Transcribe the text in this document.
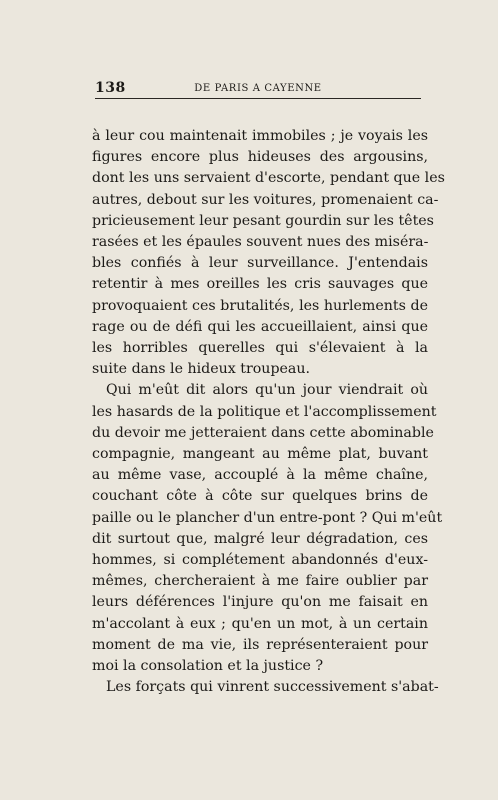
138	DE PARIS A CAYENNE
à leur cou maintenait immobiles ; je voyais les
figures encore plus hideuses des argousins,
dont les uns servaient d'escorte, pendant que les
autres, debout sur les voitures, promenaient ca-
pricieusement leur pesant gourdin sur les têtes
rasées et les épaules souvent nues des miséra-
bles confiés à leur surveillance. J'entendais
retentir à mes oreilles les cris sauvages que
provoquaient ces brutalités, les hurlements de
rage ou de défi qui les accueillaient, ainsi que
les horribles querelles qui s'élevaient à la
suite dans le hideux troupeau.
Qui m'eût dit alors qu'un jour viendrait où
les hasards de la politique et l'accomplissement
du devoir me jetteraient dans cette abominable
compagnie, mangeant au même plat, buvant
au même vase, accouplé à la même chaîne,
couchant côte à côte sur quelques brins de
paille ou le plancher d'un entre-pont ? Qui m'eût
dit surtout que, malgré leur dégradation, ces
hommes, si complétement abandonnés d'eux-
mêmes, chercheraient à me faire oublier par
leurs déférences l'injure qu'on me faisait en
m'accolant à eux ; qu'en un mot, à un certain
moment de ma vie, ils représenteraient pour
moi la consolation et la justice ?
Les forçats qui vinrent successivement s'abat-
